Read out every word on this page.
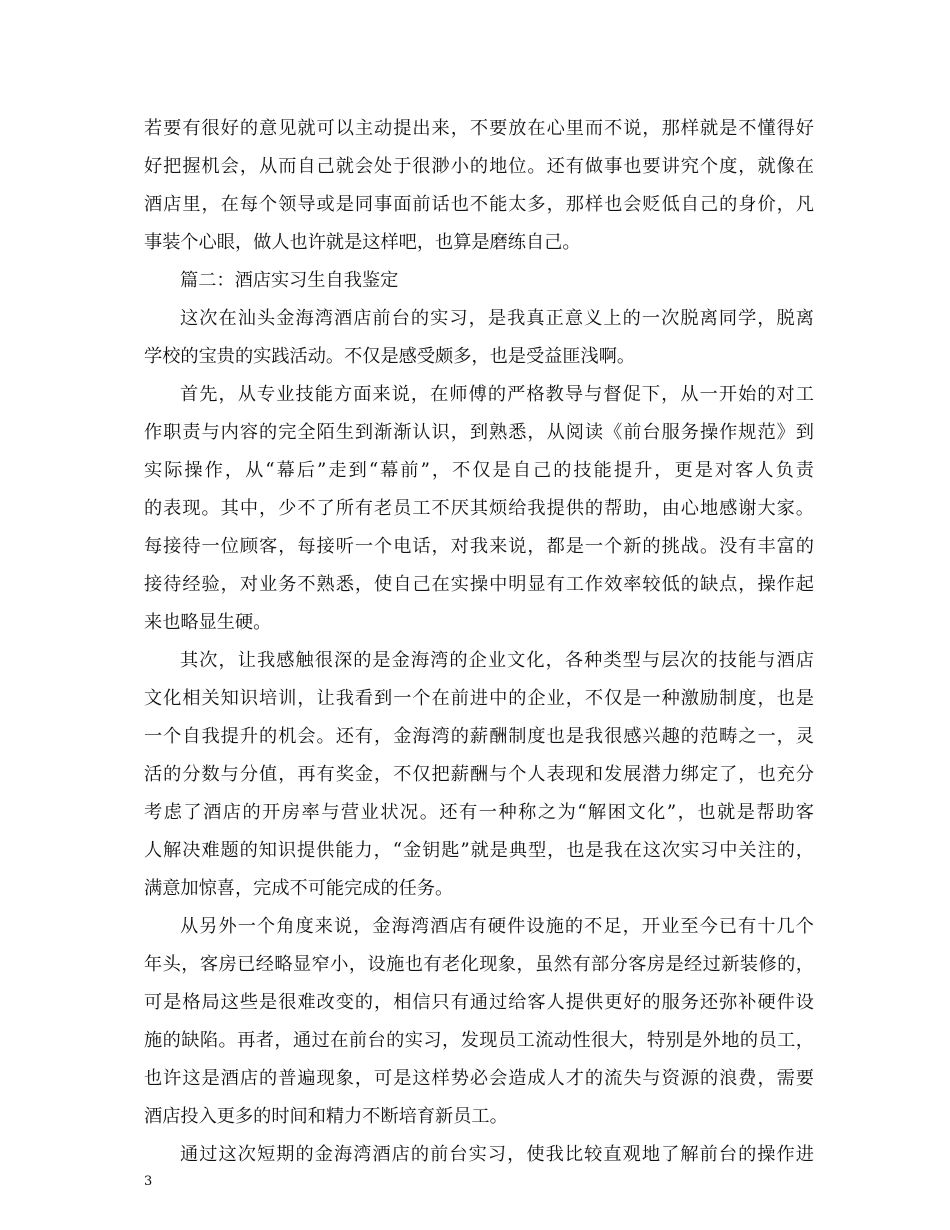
若要有很好的意见就可以主动提出来，不要放在心里而不说，那样就是不懂得好
好把握机会，从而自己就会处于很渺小的地位。还有做事也要讲究个度，就像在
酒店里，在每个领导或是同事面前话也不能太多，那样也会贬低自己的身价，凡
事装个心眼，做人也许就是这样吧，也算是磨练自己。
篇二：酒店实习生自我鉴定
这次在汕头金海湾酒店前台的实习，是我真正意义上的一次脱离同学，脱离
学校的宝贵的实践活动。不仅是感受颇多，也是受益匪浅啊。
首先，从专业技能方面来说，在师傅的严格教导与督促下，从一开始的对工
作职责与内容的完全陌生到渐渐认识，到熟悉，从阅读《前台服务操作规范》到
实际操作，从“幕后”走到“幕前”，不仅是自己的技能提升，更是对客人负责
的表现。其中，少不了所有老员工不厌其烦给我提供的帮助，由心地感谢大家。
每接待一位顾客，每接听一个电话，对我来说，都是一个新的挑战。没有丰富的
接待经验，对业务不熟悉，使自己在实操中明显有工作效率较低的缺点，操作起
来也略显生硬。
其次，让我感触很深的是金海湾的企业文化，各种类型与层次的技能与酒店
文化相关知识培训，让我看到一个在前进中的企业，不仅是一种激励制度，也是
一个自我提升的机会。还有，金海湾的薪酬制度也是我很感兴趣的范畴之一，灵
活的分数与分值，再有奖金，不仅把薪酬与个人表现和发展潜力绑定了，也充分
考虑了酒店的开房率与营业状况。还有一种称之为“解困文化”，也就是帮助客
人解决难题的知识提供能力，“金钥匙”就是典型，也是我在这次实习中关注的，
满意加惊喜，完成不可能完成的任务。
从另外一个角度来说，金海湾酒店有硬件设施的不足，开业至今已有十几个
年头，客房已经略显窄小，设施也有老化现象，虽然有部分客房是经过新装修的，
可是格局这些是很难改变的，相信只有通过给客人提供更好的服务还弥补硬件设
施的缺陷。再者，通过在前台的实习，发现员工流动性很大，特别是外地的员工，
也许这是酒店的普遍现象，可是这样势必会造成人才的流失与资源的浪费，需要
酒店投入更多的时间和精力不断培育新员工。
通过这次短期的金海湾酒店的前台实习，使我比较直观地了解前台的操作进
3
